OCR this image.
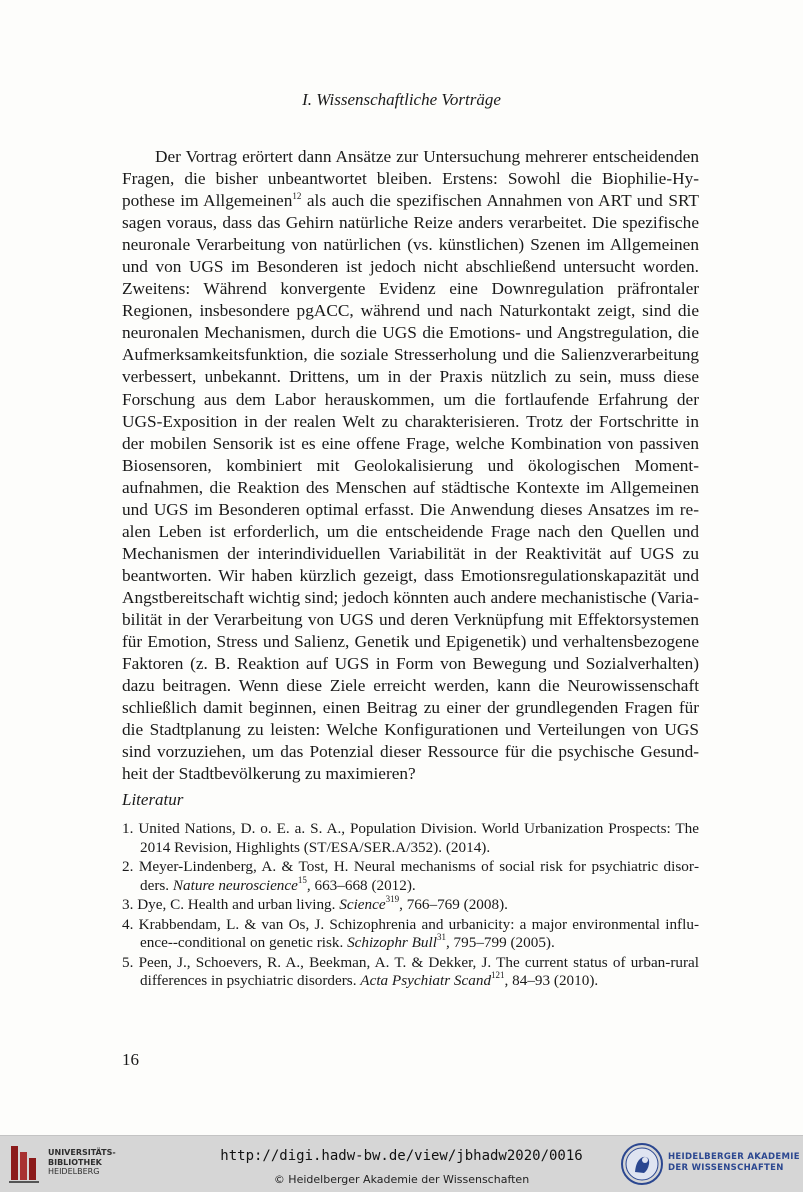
I. Wissenschaftliche Vorträge

Der Vortrag erörtert dann Ansätze zur Untersuchung mehrerer entscheidenden Fragen, die bisher unbeantwortet bleiben. Erstens: Sowohl die Biophilie-Hypothese im Allgemeinen$^{12}$ als auch die spezifischen Annahmen von ART und SRT sagen voraus, dass das Gehirn natürliche Reize anders verarbeitet. Die spezifische neuronale Verarbeitung von natürlichen (vs. künstlichen) Szenen im Allgemeinen und von UGS im Besonderen ist jedoch nicht abschließend untersucht worden. Zweitens: Während konvergente Evidenz eine Downregulation präfrontaler Regionen, insbesondere pgACC, während und nach Naturkontakt zeigt, sind die neuronalen Mechanismen, durch die UGS die Emotions- und Angstregulation, die Aufmerksamkeitsfunktion, die soziale Stresserholung und die Salienzverarbeitung verbessert, unbekannt. Drittens, um in der Praxis nützlich zu sein, muss diese Forschung aus dem Labor herauskommen, um die fortlaufende Erfahrung der UGS-Exposition in der realen Welt zu charakterisieren. Trotz der Fortschritte in der mobilen Sensorik ist es eine offene Frage, welche Kombination von passiven Biosensoren, kombiniert mit Geolokalisierung und ökologischen Momentaufnahmen, die Reaktion des Menschen auf städtische Kontexte im Allgemeinen und UGS im Besonderen optimal erfasst. Die Anwendung dieses Ansatzes im realen Leben ist erforderlich, um die entscheidende Frage nach den Quellen und Mechanismen der interindividuellen Variabilität in der Reaktivität auf UGS zu beantworten. Wir haben kürzlich gezeigt, dass Emotionsregulationskapazität und Angstbereitschaft wichtig sind; jedoch könnten auch andere mechanistische (Variabilität in der Verarbeitung von UGS und deren Verknüpfung mit Effektorsystemen für Emotion, Stress und Salienz, Genetik und Epigenetik) und verhaltensbezogene Faktoren (z. B. Reaktion auf UGS in Form von Bewegung und Sozialverhalten) dazu beitragen. Wenn diese Ziele erreicht werden, kann die Neurowissenschaft schließlich damit beginnen, einen Beitrag zu einer der grundlegenden Fragen für die Stadtplanung zu leisten: Welche Konfigurationen und Verteilungen von UGS sind vorzuziehen, um das Potenzial dieser Ressource für die psychische Gesundheit der Stadtbevölkerung zu maximieren?

Literatur
1. United Nations, D. o. E. a. S. A., Population Division. World Urbanization Prospects: The 2014 Revision, Highlights (ST/ESA/SER.A/352). (2014).
2. Meyer-Lindenberg, A. & Tost, H. Neural mechanisms of social risk for psychiatric disorders. Nature neuroscience$^{15}$, 663–668 (2012).
3. Dye, C. Health and urban living. Science$^{319}$, 766–769 (2008).
4. Krabbendam, L. & van Os, J. Schizophrenia and urbanicity: a major environmental influence--conditional on genetic risk. Schizophr Bull$^{31}$, 795–799 (2005).
5. Peen, J., Schoevers, R. A., Beekman, A. T. & Dekker, J. The current status of urban-rural differences in psychiatric disorders. Acta Psychiatr Scand$^{121}$, 84–93 (2010).
16
UNIVERSITÄTS-
BIBLIOTHEK
HEIDELBERG
http://digi.hadw-bw.de/view/jbhadw2020/0016
© Heidelberger Akademie der Wissenschaften
HEIDELBERGER AKADEMIE
DER WISSENSCHAFTEN
